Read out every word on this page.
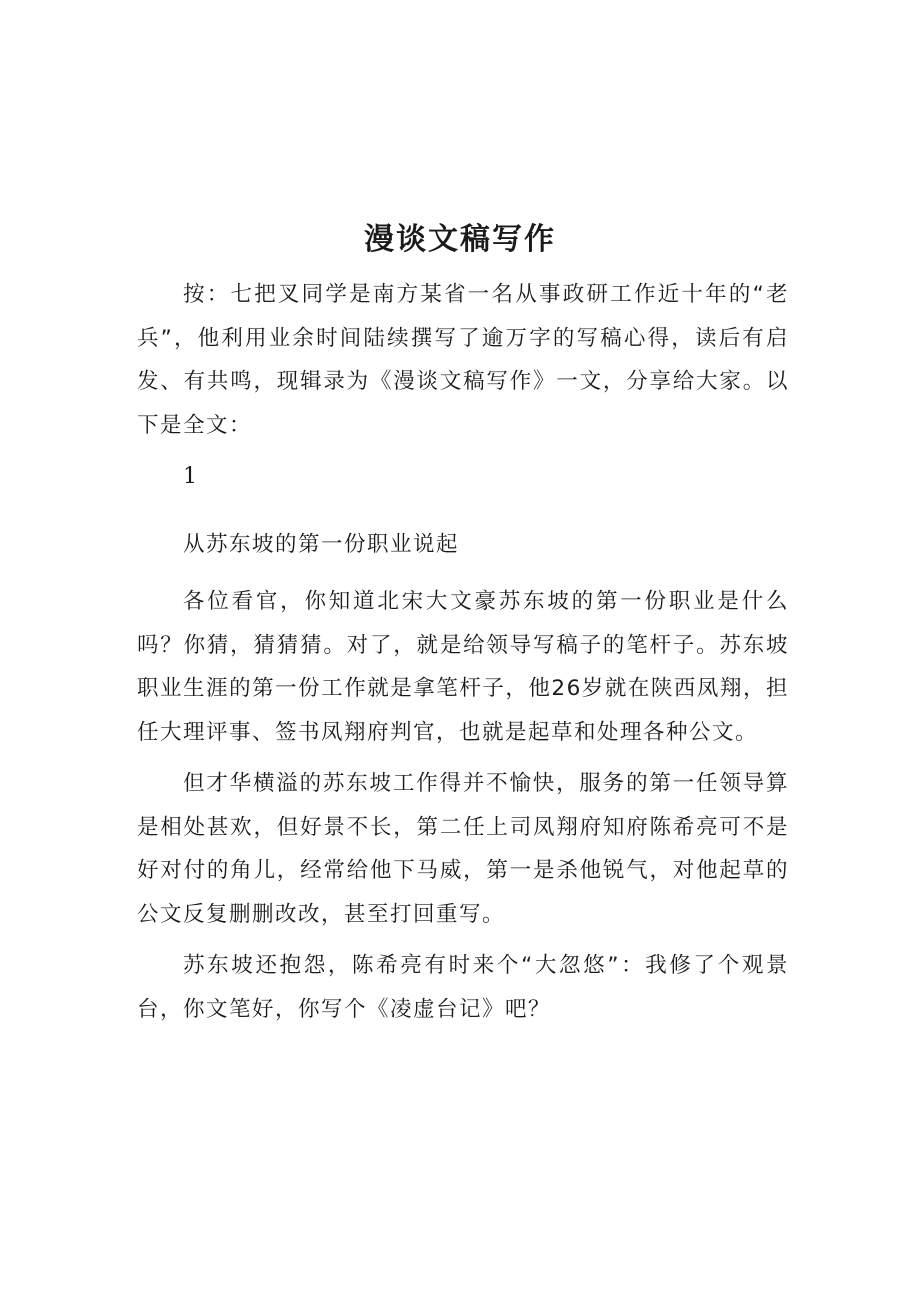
漫谈文稿写作

按：七把叉同学是南方某省一名从事政研工作近十年的“老兵”，他利用业余时间陆续撰写了逾万字的写稿心得，读后有启发、有共鸣，现辑录为《漫谈文稿写作》一文，分享给大家。以下是全文：

1

从苏东坡的第一份职业说起

各位看官，你知道北宋大文豪苏东坡的第一份职业是什么吗？你猜，猜猜猜。对了，就是给领导写稿子的笔杆子。苏东坡职业生涯的第一份工作就是拿笔杆子，他26岁就在陕西凤翔，担任大理评事、签书凤翔府判官，也就是起草和处理各种公文。

但才华横溢的苏东坡工作得并不愉快，服务的第一任领导算是相处甚欢，但好景不长，第二任上司凤翔府知府陈希亮可不是好对付的角儿，经常给他下马威，第一是杀他锐气，对他起草的公文反复删删改改，甚至打回重写。

苏东坡还抱怨，陈希亮有时来个“大忽悠”：我修了个观景台，你文笔好，你写个《凌虚台记》吧？
